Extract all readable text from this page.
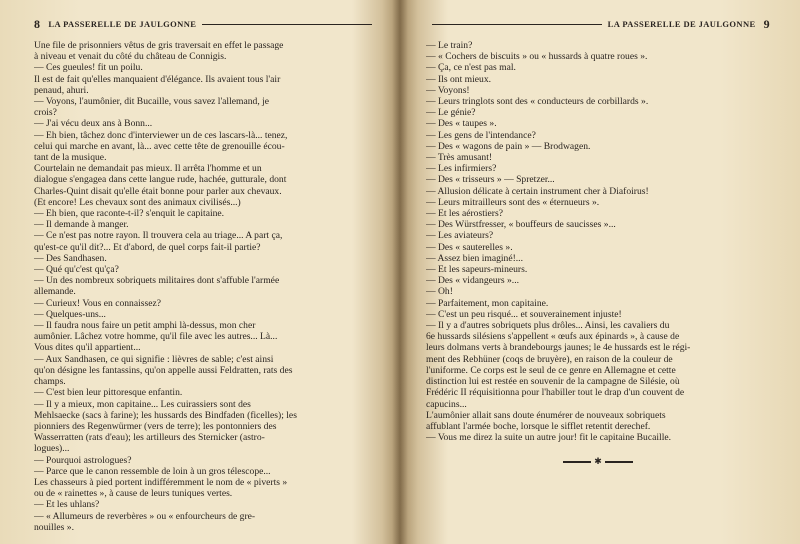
8 LA PASSERELLE DE JAULGONNE
Une file de prisonniers vêtus de gris traversait en effet le passage
à niveau et venait du côté du château de Connigis.
— Ces gueules! fit un poilu.
Il est de fait qu'elles manquaient d'élégance. Ils avaient tous l'air
penaud, ahuri.
— Voyons, l'aumônier, dit Bucaille, vous savez l'allemand, je
crois?
— J'ai vécu deux ans à Bonn...
— Eh bien, tâchez donc d'interviewer un de ces lascars-là... tenez,
celui qui marche en avant, là... avec cette tête de grenouille écou-
tant de la musique.
Courtelain ne demandait pas mieux. Il arrêta l'homme et un
dialogue s'engagea dans cette langue rude, hachée, gutturale, dont
Charles-Quint disait qu'elle était bonne pour parler aux chevaux.
(Et encore! Les chevaux sont des animaux civilisés...)
— Eh bien, que raconte-t-il? s'enquit le capitaine.
— Il demande à manger.
— Ce n'est pas notre rayon. Il trouvera cela au triage... A part ça,
qu'est-ce qu'il dit?... Et d'abord, de quel corps fait-il partie?
— Des Sandhasen.
— Qué qu'c'est qu'ça?
— Un des nombreux sobriquets militaires dont s'affuble l'armée
allemande.
— Curieux! Vous en connaissez?
— Quelques-uns...
— Il faudra nous faire un petit amphi là-dessus, mon cher
aumônier. Lâchez votre homme, qu'il file avec les autres... Là...
Vous dites qu'il appartient...
— Aux Sandhasen, ce qui signifie : lièvres de sable; c'est ainsi
qu'on désigne les fantassins, qu'on appelle aussi Feldratten, rats des
champs.
— C'est bien leur pittoresque enfantin.
— Il y a mieux, mon capitaine... Les cuirassiers sont des
Mehlsaecke (sacs à farine); les hussards des Bindfaden (ficelles); les
pionniers des Regenwürmer (vers de terre); les pontonniers des
Wasserratten (rats d'eau); les artilleurs des Sternicker (astro-
logues)...
— Pourquoi astrologues?
— Parce que le canon ressemble de loin à un gros télescope...
Les chasseurs à pied portent indifféremment le nom de « piverts »
ou de « rainettes », à cause de leurs tuniques vertes.
— Et les uhlans?
— « Allumeurs de reverbères » ou « enfourcheurs de gre-
nouilles ».
LA PASSERELLE DE JAULGONNE 9
— Le train?
— « Cochers de biscuits » ou « hussards à quatre roues ».
— Ça, ce n'est pas mal.
— Ils ont mieux.
— Voyons!
— Leurs tringlots sont des « conducteurs de corbillards ».
— Le génie?
— Des « taupes ».
— Les gens de l'intendance?
— Des « wagons de pain » — Brodwagen.
— Très amusant!
— Les infirmiers?
— Des « trisseurs » — Spretzer...
— Allusion délicate à certain instrument cher à Diafoirus!
— Leurs mitrailleurs sont des « éternueurs ».
— Et les aérostiers?
— Des Würstfresser, « bouffeurs de saucisses »...
— Les aviateurs?
— Des « sauterelles ».
— Assez bien imaginé!...
— Et les sapeurs-mineurs.
— Des « vidangeurs »...
— Oh!
— Parfaitement, mon capitaine.
— C'est un peu risqué... et souverainement injuste!
— Il y a d'autres sobriquets plus drôles... Ainsi, les cavaliers du
6e hussards silésiens s'appellent « œufs aux épinards », à cause de
leurs dolmans verts à brandebourgs jaunes; le 4e hussards est le régi-
ment des Rebhüner (coqs de bruyère), en raison de la couleur de
l'uniforme. Ce corps est le seul de ce genre en Allemagne et cette
distinction lui est restée en souvenir de la campagne de Silésie, où
Frédéric II réquisitionna pour l'habiller tout le drap d'un couvent de
capucins...
L'aumônier allait sans doute énumérer de nouveaux sobriquets
affublant l'armée boche, lorsque le sifflet retentit derechef.
— Vous me direz la suite un autre jour! fit le capitaine Bucaille.
✱
